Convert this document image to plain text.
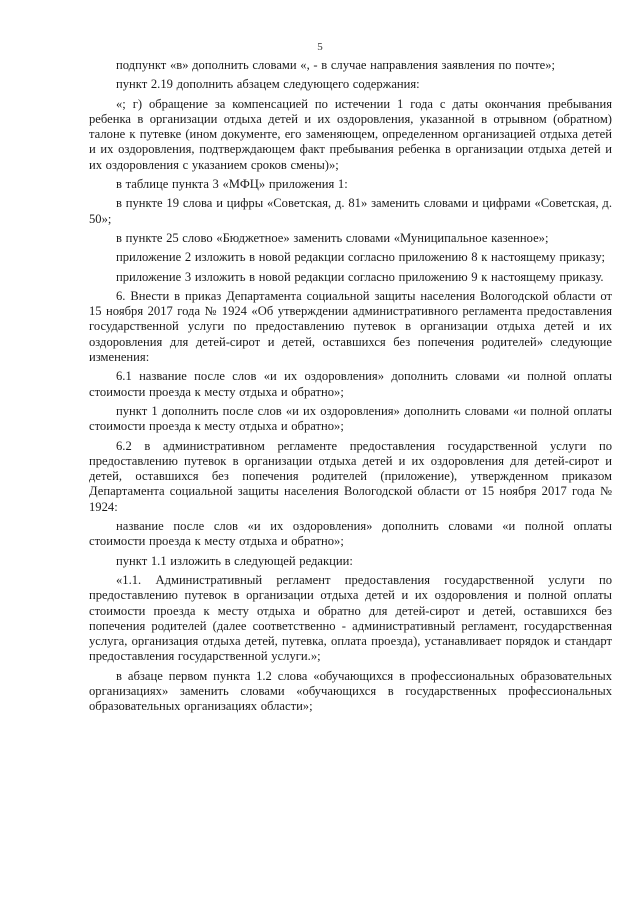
5

подпункт «в» дополнить словами «, - в случае направления заявления по почте»;

пункт 2.19 дополнить абзацем следующего содержания:

«; г) обращение за компенсацией по истечении 1 года с даты окончания пребывания ребенка в организации отдыха детей и их оздоровления, указанной в отрывном (обратном) талоне к путевке (ином документе, его заменяющем, определенном организацией отдыха детей и их оздоровления, подтверждающем факт пребывания ребенка в организации отдыха детей и их оздоровления с указанием сроков смены)»;

в таблице пункта 3 «МФЦ» приложения 1:

в пункте 19 слова и цифры «Советская, д. 81» заменить словами и цифрами «Советская, д. 50»;

в пункте 25 слово «Бюджетное» заменить словами «Муниципальное казенное»;

приложение 2 изложить в новой редакции согласно приложению 8 к настоящему приказу;

приложение 3 изложить в новой редакции согласно приложению 9 к настоящему приказу.

6. Внести в приказ Департамента социальной защиты населения Вологодской области от 15 ноября 2017 года № 1924 «Об утверждении административного регламента предоставления государственной услуги по предоставлению путевок в организации отдыха детей и их оздоровления для детей-сирот и детей, оставшихся без попечения родителей» следующие изменения:

6.1 название после слов «и их оздоровления» дополнить словами «и полной оплаты стоимости проезда к месту отдыха и обратно»;

пункт 1 дополнить после слов «и их оздоровления» дополнить словами «и полной оплаты стоимости проезда к месту отдыха и обратно»;

6.2 в административном регламенте предоставления государственной услуги по предоставлению путевок в организации отдыха детей и их оздоровления для детей-сирот и детей, оставшихся без попечения родителей (приложение), утвержденном приказом Департамента социальной защиты населения Вологодской области от 15 ноября 2017 года № 1924:

название после слов «и их оздоровления» дополнить словами «и полной оплаты стоимости проезда к месту отдыха и обратно»;

пункт 1.1 изложить в следующей редакции:

«1.1. Административный регламент предоставления государственной услуги по предоставлению путевок в организации отдыха детей и их оздоровления и полной оплаты стоимости проезда к месту отдыха и обратно для детей-сирот и детей, оставшихся без попечения родителей (далее соответственно - административный регламент, государственная услуга, организация отдыха детей, путевка, оплата проезда), устанавливает порядок и стандарт предоставления государственной услуги.»;

в абзаце первом пункта 1.2 слова «обучающихся в профессиональных образовательных организациях» заменить словами «обучающихся в государственных профессиональных образовательных организациях области»;
